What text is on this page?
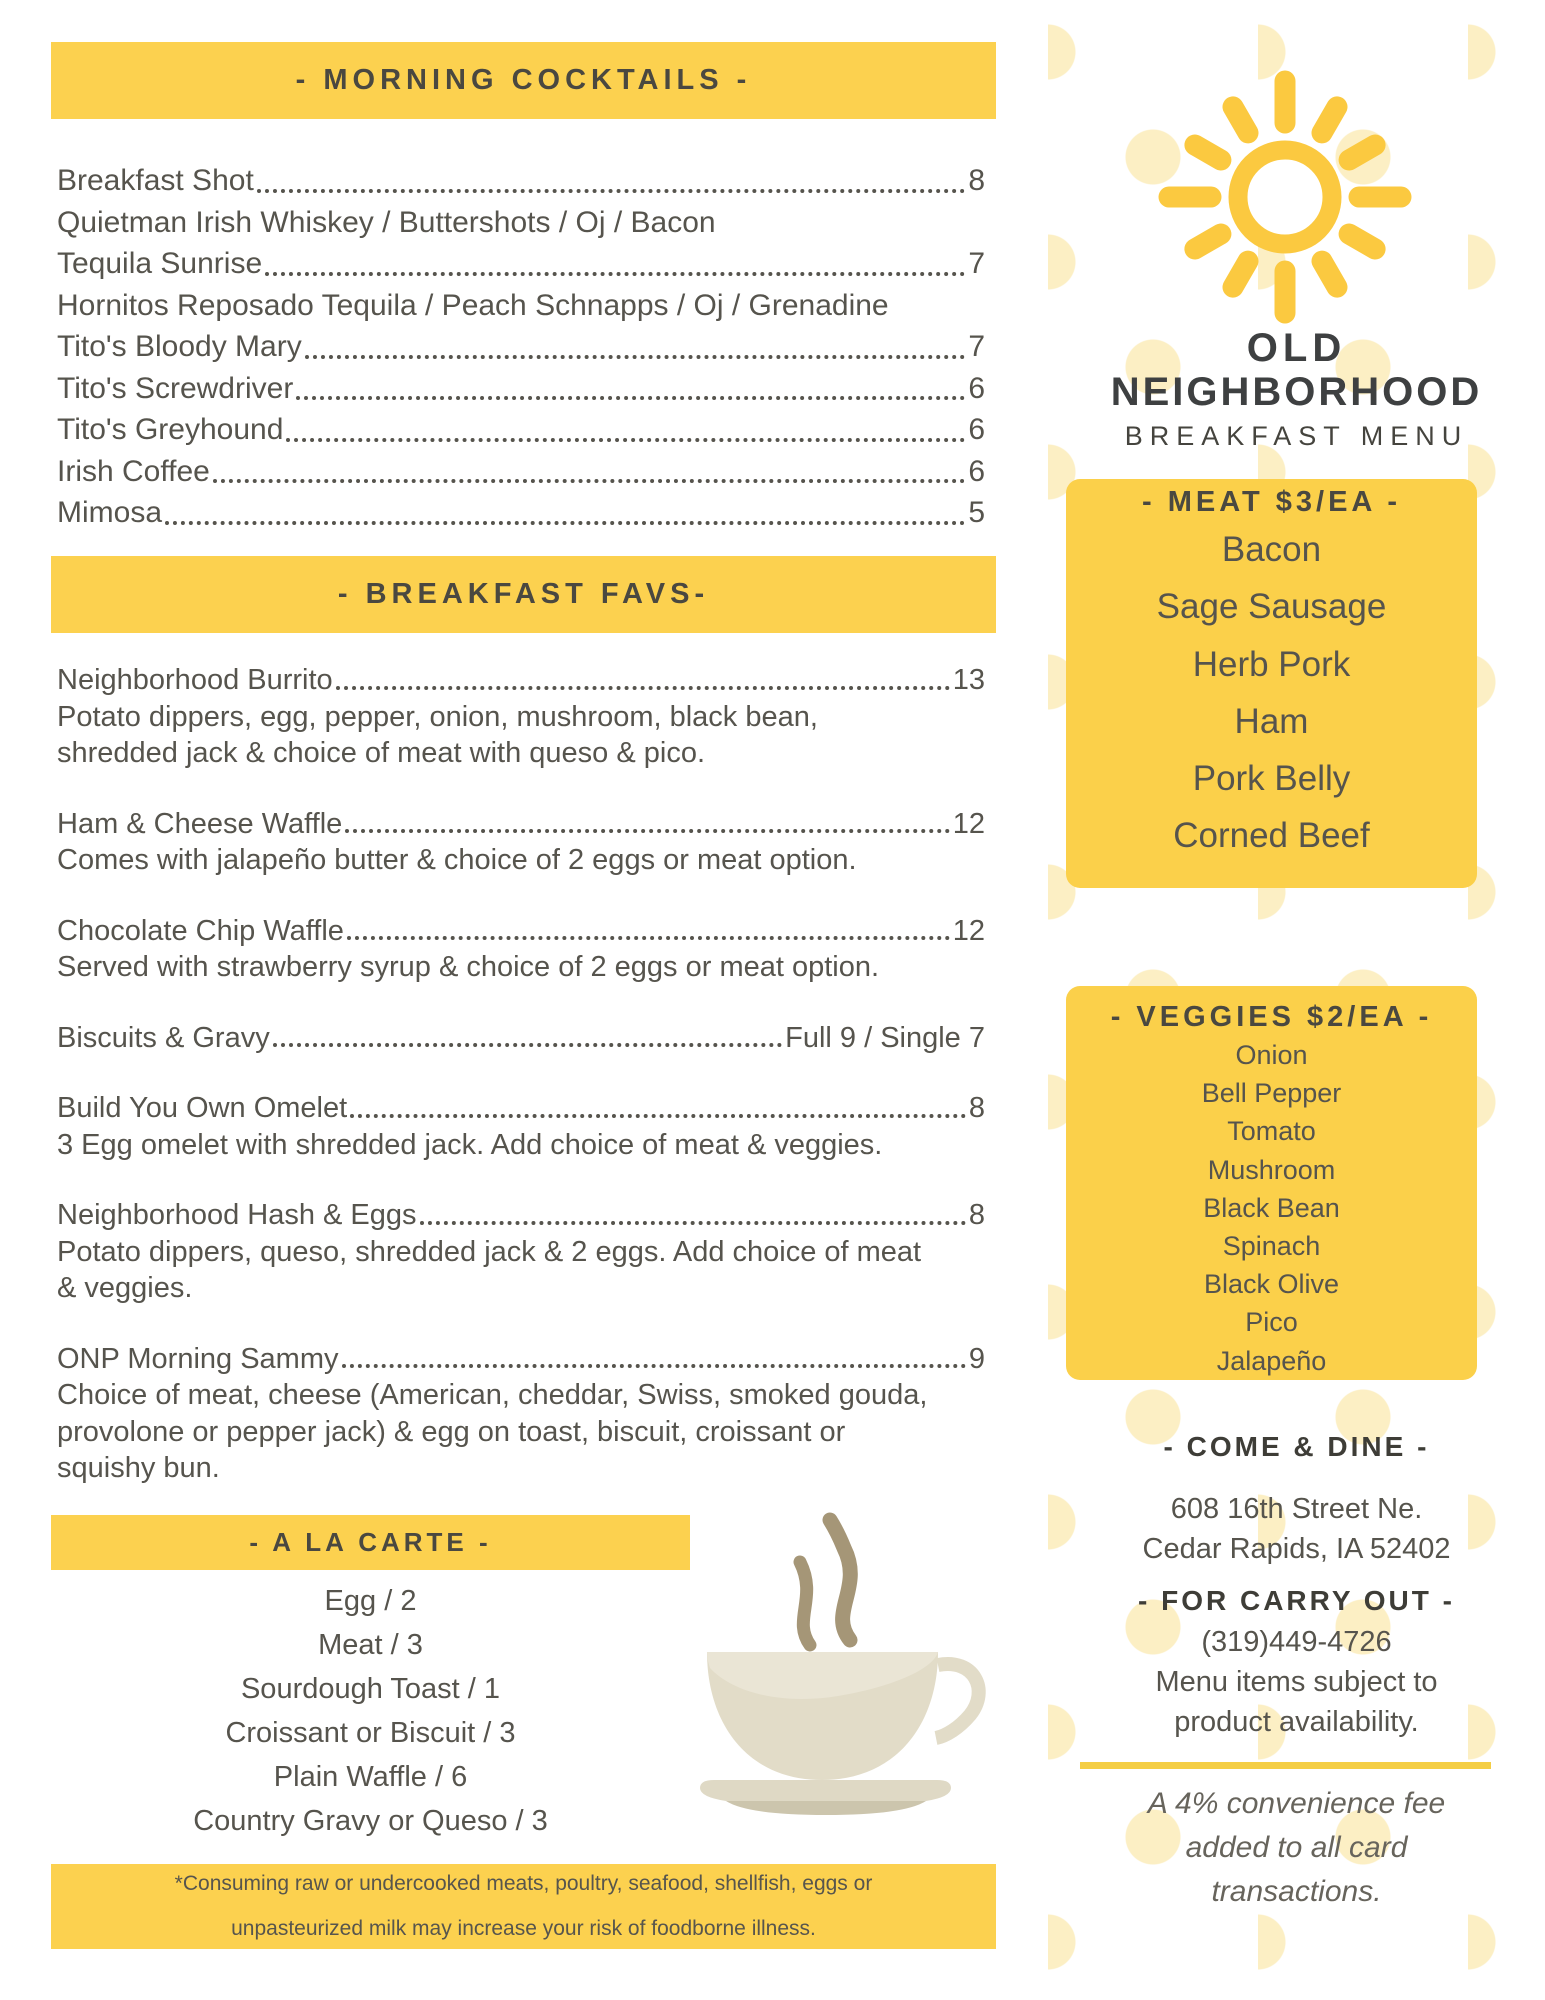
- MORNING COCKTAILS -
Breakfast Shot	8
Quietman Irish Whiskey / Buttershots / Oj / Bacon
Tequila Sunrise	7
Hornitos Reposado Tequila / Peach Schnapps / Oj / Grenadine
Tito's Bloody Mary	7
Tito's Screwdriver	6
Tito's Greyhound	6
Irish Coffee	6
Mimosa	5
- BREAKFAST FAVS-
Neighborhood Burrito	13
Potato dippers, egg, pepper, onion, mushroom, black bean,
shredded jack & choice of meat with queso & pico.
Ham & Cheese Waffle	12
Comes with jalapeño butter & choice of 2 eggs or meat option.
Chocolate Chip Waffle	12
Served with strawberry syrup & choice of 2 eggs or meat option.
Biscuits & Gravy	Full 9 / Single 7
Build You Own Omelet	8
3 Egg omelet with shredded jack. Add choice of meat & veggies.
Neighborhood Hash & Eggs	8
Potato dippers, queso, shredded jack & 2 eggs. Add choice of meat
& veggies.
ONP Morning Sammy	9
Choice of meat, cheese (American, cheddar, Swiss, smoked gouda,
provolone or pepper jack) & egg on toast, biscuit, croissant or
squishy bun.
- A LA CARTE -
Egg / 2
Meat / 3
Sourdough Toast / 1
Croissant or Biscuit / 3
Plain Waffle / 6
Country Gravy or Queso / 3
*Consuming raw or undercooked meats, poultry, seafood, shellfish, eggs or
unpasteurized milk may increase your risk of foodborne illness.
OLD
NEIGHBORHOOD
BREAKFAST MENU
- MEAT $3/EA -
Bacon
Sage Sausage
Herb Pork
Ham
Pork Belly
Corned Beef
- VEGGIES $2/EA -
Onion
Bell Pepper
Tomato
Mushroom
Black Bean
Spinach
Black Olive
Pico
Jalapeño
- COME & DINE -
608 16th Street Ne.
Cedar Rapids, IA 52402
- FOR CARRY OUT -
(319)449-4726
Menu items subject to
product availability.
A 4% convenience fee
added to all card
transactions.
